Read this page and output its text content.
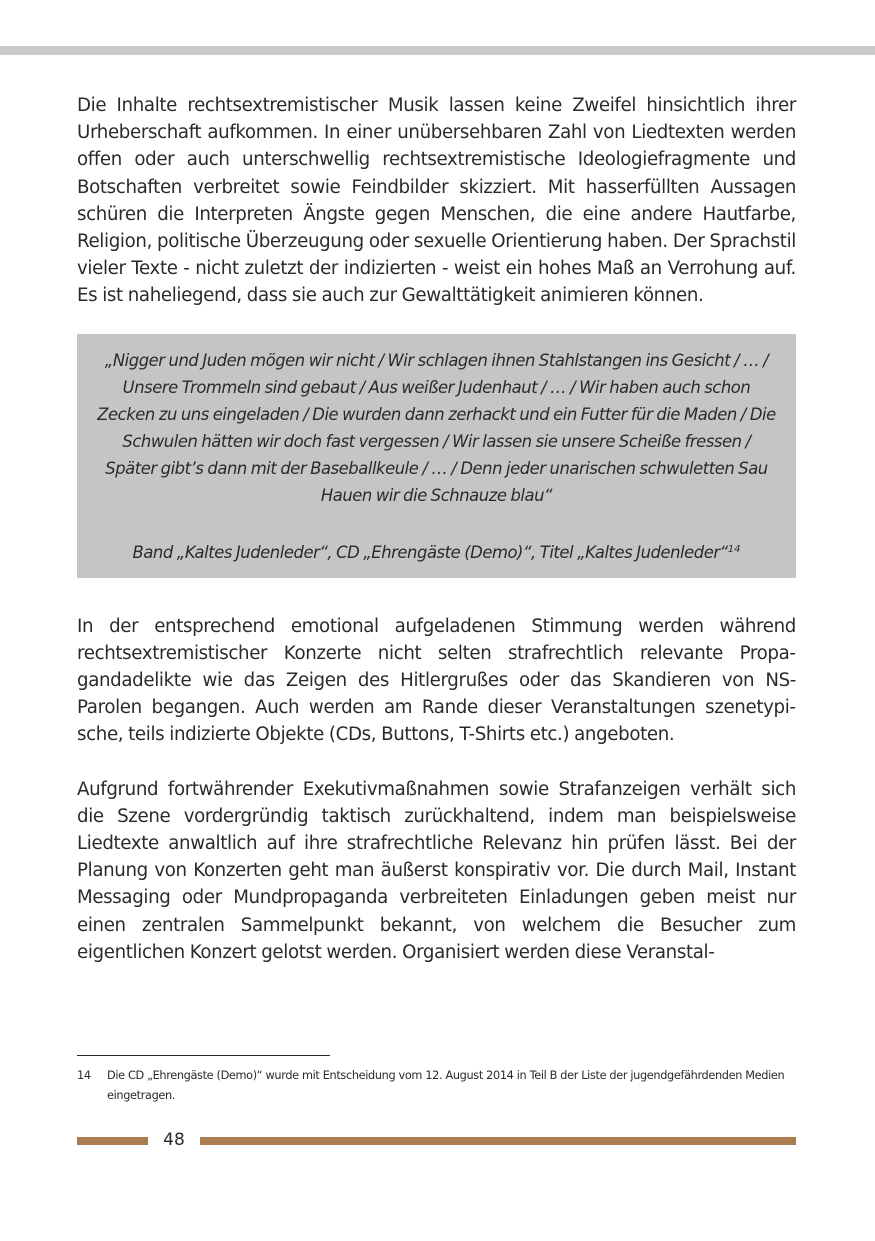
Die Inhalte rechtsextremistischer Musik lassen keine Zweifel hinsichtlich ihrer Urheberschaft aufkommen. In einer unübersehbaren Zahl von Liedtexten werden offen oder auch unterschwellig rechtsextremistische Ideologiefragmente und Botschaften verbreitet sowie Feindbilder skizziert. Mit hasserfüllten Aussagen schüren die Interpreten Ängste gegen Menschen, die eine andere Hautfarbe, Religion, politische Überzeugung oder sexuelle Orientierung haben. Der Sprachstil vieler Texte - nicht zuletzt der indizierten - weist ein hohes Maß an Verrohung auf. Es ist naheliegend, dass sie auch zur Gewalttätigkeit animieren können.

„Nigger und Juden mögen wir nicht / Wir schlagen ihnen Stahlstangen ins Gesicht / … / Unsere Trommeln sind gebaut / Aus weißer Judenhaut / … / Wir haben auch schon Zecken zu uns eingeladen / Die wurden dann zerhackt und ein Futter für die Maden / Die Schwulen hätten wir doch fast vergessen / Wir lassen sie unsere Scheiße fressen / Später gibt’s dann mit der Baseballkeule / … / Denn jeder unarischen schwuletten Sau Hauen wir die Schnauze blau“

Band „Kaltes Judenleder“, CD „Ehrengäste (Demo)“, Titel „Kaltes Judenleder“$^{14}$

In der entsprechend emotional aufgeladenen Stimmung werden während rechtsextremistischer Konzerte nicht selten strafrechtlich relevante Propagandadelikte wie das Zeigen des Hitlergrußes oder das Skandieren von NS-Parolen begangen. Auch werden am Rande dieser Veranstaltungen szenetypische, teils indizierte Objekte (CDs, Buttons, T-Shirts etc.) angeboten.

Aufgrund fortwährender Exekutivmaßnahmen sowie Strafanzeigen verhält sich die Szene vordergründig taktisch zurückhaltend, indem man beispielsweise Liedtexte anwaltlich auf ihre strafrechtliche Relevanz hin prüfen lässt. Bei der Planung von Konzerten geht man äußerst konspirativ vor. Die durch Mail, Instant Messaging oder Mundpropaganda verbreiteten Einladungen geben meist nur einen zentralen Sammelpunkt bekannt, von welchem die Besucher zum eigentlichen Konzert gelotst werden. Organisiert werden diese Veranstal-

14 Die CD „Ehrengäste (Demo)“ wurde mit Entscheidung vom 12. August 2014 in Teil B der Liste der jugendgefährdenden Medien eingetragen.
48
